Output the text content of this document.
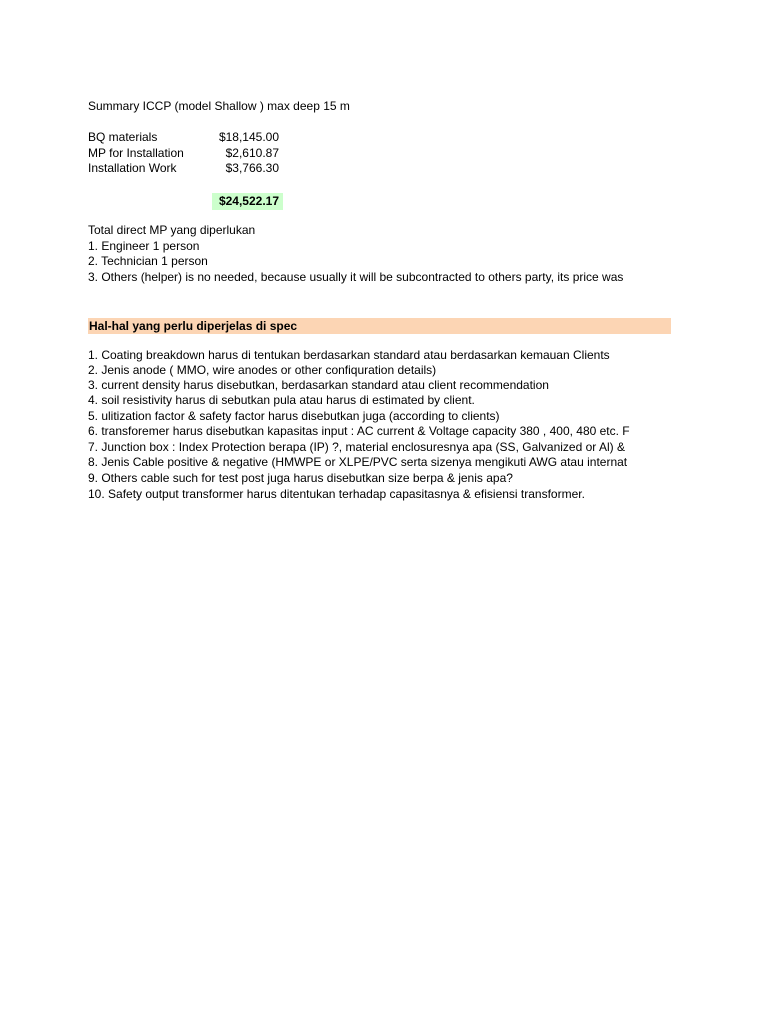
Summary ICCP (model Shallow ) max deep 15 m
BQ materials	$18,145.00
MP for Installation	$2,610.87
Installation Work	$3,766.30
$24,522.17
Total direct MP yang diperlukan
1. Engineer 1 person
2. Technician 1 person
3. Others (helper) is no needed, because usually it will be subcontracted to others party, its price was
Hal-hal yang perlu diperjelas di spec
1. Coating breakdown harus di tentukan berdasarkan standard atau berdasarkan kemauan Clients
2. Jenis anode ( MMO, wire anodes or other confiquration details)
3. current density harus disebutkan, berdasarkan standard atau client recommendation
4. soil resistivity harus di sebutkan pula atau harus di estimated by client.
5. ulitization factor & safety factor harus disebutkan juga (according to clients)
6. transforemer harus disebutkan kapasitas input : AC current & Voltage capacity 380 , 400, 480 etc. F
7. Junction box : Index Protection berapa (IP) ?, material enclosuresnya apa (SS, Galvanized or Al) &
8. Jenis Cable positive & negative (HMWPE or XLPE/PVC serta sizenya mengikuti AWG atau internat
9. Others cable such for test post juga harus disebutkan size berpa & jenis apa?
10. Safety output transformer harus ditentukan terhadap capasitasnya & efisiensi transformer.
